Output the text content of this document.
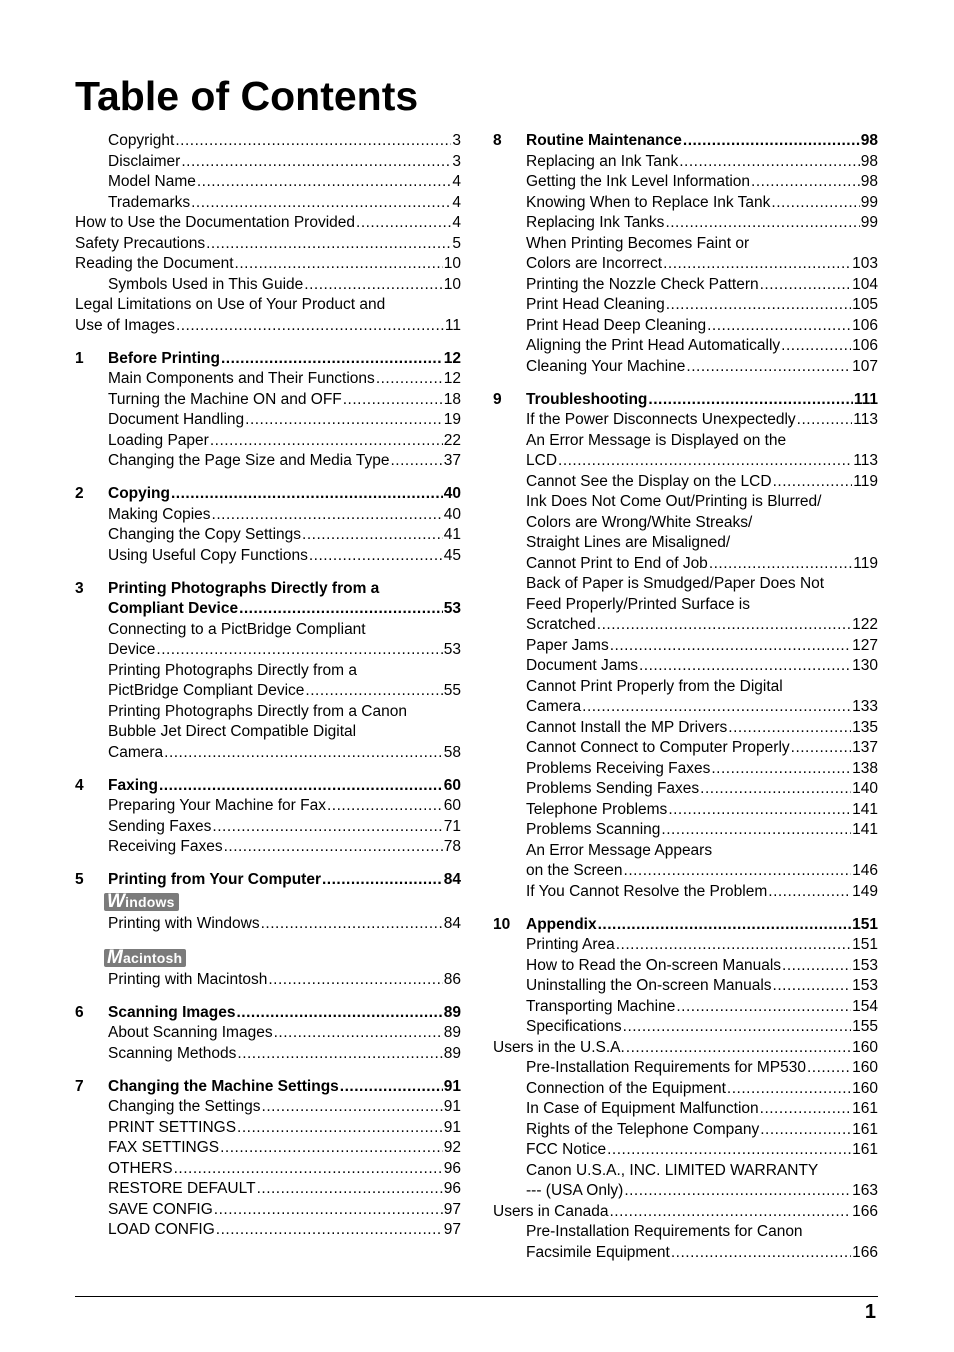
Table of Contents
Copyright .....	3
Disclaimer .....	3
Model Name .....	4
Trademarks .....	4
How to Use the Documentation Provided .....	4
Safety Precautions .....	5
Reading the Document .....	10
Symbols Used in This Guide .....	10
Legal Limitations on Use of Your Product and
Use of Images .....	11
1	Before Printing .....	12
Main Components and Their Functions .....	12
Turning the Machine ON and OFF .....	18
Document Handling .....	19
Loading Paper .....	22
Changing the Page Size and Media Type .....	37
2	Copying .....	40
Making Copies .....	40
Changing the Copy Settings .....	41
Using Useful Copy Functions .....	45
3	Printing Photographs Directly from a
Compliant Device .....	53
Connecting to a PictBridge Compliant
Device .....	53
Printing Photographs Directly from a
PictBridge Compliant Device .....	55
Printing Photographs Directly from a Canon
Bubble Jet Direct Compatible Digital
Camera .....	58
4	Faxing .....	60
Preparing Your Machine for Fax .....	60
Sending Faxes .....	71
Receiving Faxes .....	78
5	Printing from Your Computer .....	84
Windows
Printing with Windows .....	84
Macintosh
Printing with Macintosh .....	86
6	Scanning Images .....	89
About Scanning Images .....	89
Scanning Methods .....	89
7	Changing the Machine Settings .....	91
Changing the Settings .....	91
PRINT SETTINGS .....	91
FAX SETTINGS .....	92
OTHERS .....	96
RESTORE DEFAULT .....	96
SAVE CONFIG .....	97
LOAD CONFIG .....	97
8	Routine Maintenance .....	98
Replacing an Ink Tank .....	98
Getting the Ink Level Information .....	98
Knowing When to Replace Ink Tank .....	99
Replacing Ink Tanks .....	99
When Printing Becomes Faint or
Colors are Incorrect .....	103
Printing the Nozzle Check Pattern .....	104
Print Head Cleaning .....	105
Print Head Deep Cleaning .....	106
Aligning the Print Head Automatically .....	106
Cleaning Your Machine .....	107
9	Troubleshooting .....	111
If the Power Disconnects Unexpectedly .....	113
An Error Message is Displayed on the
LCD .....	113
Cannot See the Display on the LCD .....	119
Ink Does Not Come Out/Printing is Blurred/
Colors are Wrong/White Streaks/
Straight Lines are Misaligned/
Cannot Print to End of Job .....	119
Back of Paper is Smudged/Paper Does Not
Feed Properly/Printed Surface is
Scratched .....	122
Paper Jams .....	127
Document Jams .....	130
Cannot Print Properly from the Digital
Camera .....	133
Cannot Install the MP Drivers .....	135
Cannot Connect to Computer Properly .....	137
Problems Receiving Faxes .....	138
Problems Sending Faxes .....	140
Telephone Problems .....	141
Problems Scanning .....	141
An Error Message Appears
on the Screen .....	146
If You Cannot Resolve the Problem .....	149
10	Appendix .....	151
Printing Area .....	151
How to Read the On-screen Manuals .....	153
Uninstalling the On-screen Manuals .....	153
Transporting Machine .....	154
Specifications .....	155
Users in the U.S.A. .....	160
Pre-Installation Requirements for MP530 .....	160
Connection of the Equipment .....	160
In Case of Equipment Malfunction .....	161
Rights of the Telephone Company .....	161
FCC Notice .....	161
Canon U.S.A., INC. LIMITED WARRANTY
--- (USA Only) .....	163
Users in Canada .....	166
Pre-Installation Requirements for Canon
Facsimile Equipment .....	166
1
